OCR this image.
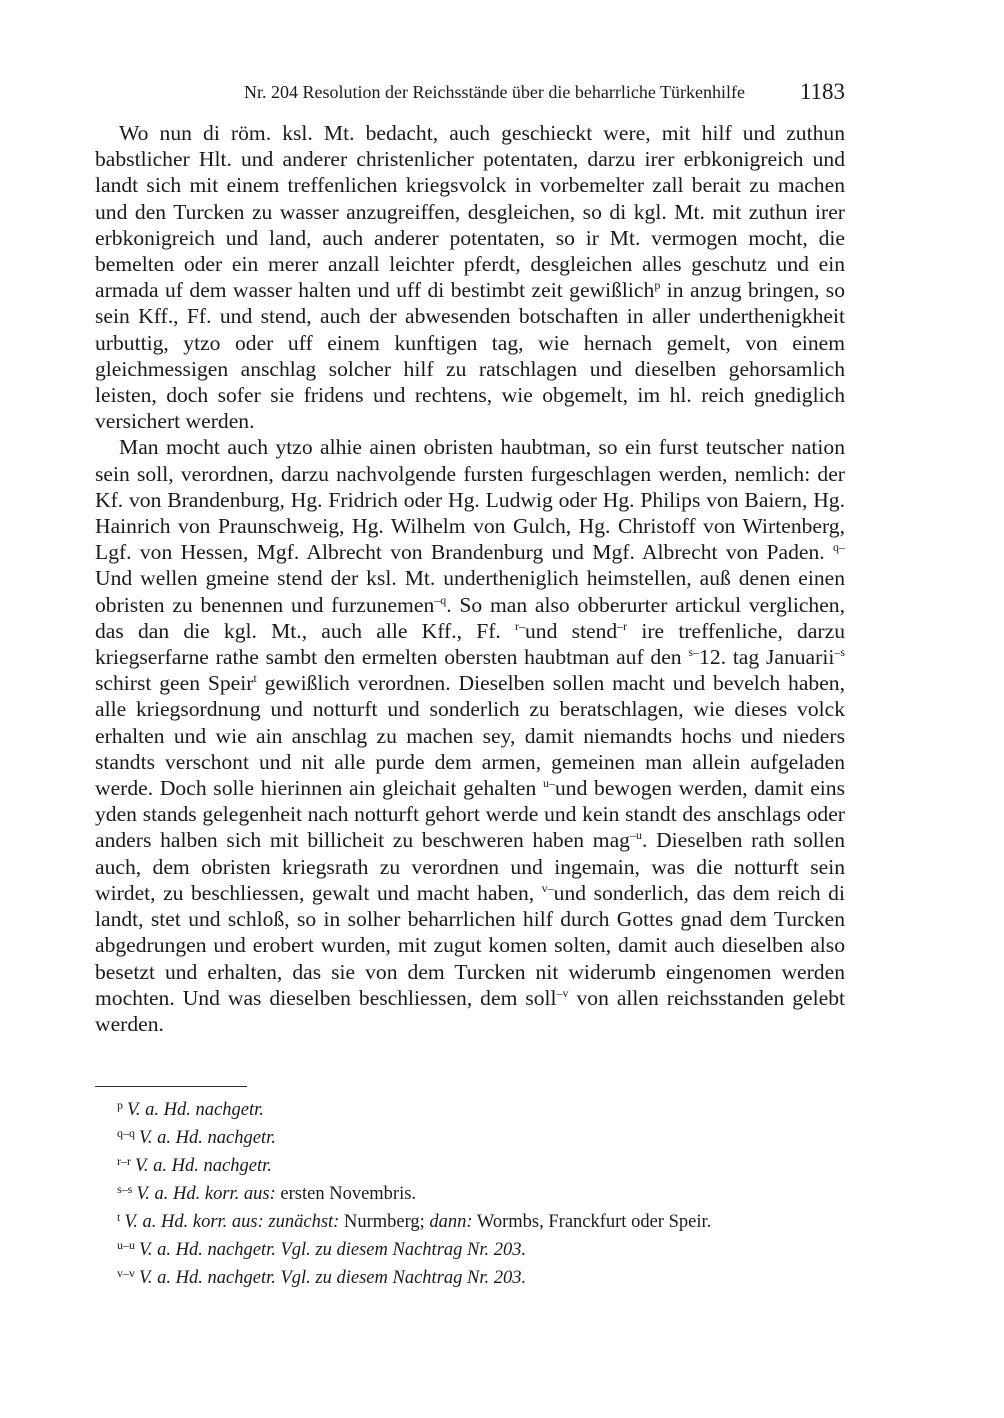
Nr. 204 Resolution der Reichsstände über die beharrliche Türkenhilfe 1183

Wo nun di röm. ksl. Mt. bedacht, auch geschieckt were, mit hilf und zuthun babstlicher Hlt. und anderer christenlicher potentaten, darzu irer erbkonigreich und landt sich mit einem treffenlichen kriegsvolck in vorbemelter zall berait zu machen und den Turcken zu wasser anzugreiffen, desgleichen, so di kgl. Mt. mit zuthun irer erbkonigreich und land, auch anderer potentaten, so ir Mt. vermogen mocht, die bemelten oder ein merer anzall leichter pferdt, desgleichen alles geschutz und ein armada uf dem wasser halten und uff di bestimbt zeit gewißlich$^p$ in anzug bringen, so sein Kff., Ff. und stend, auch der abwesenden botschaften in aller underthenigkheit urbuttig, ytzo oder uff einem kunftigen tag, wie hernach gemelt, von einem gleichmessigen anschlag solcher hilf zu ratschlagen und dieselben gehorsamlich leisten, doch sofer sie fridens und rechtens, wie obgemelt, im hl. reich gnediglich versichert werden.

Man mocht auch ytzo alhie ainen obristen haubtman, so ein furst teutscher nation sein soll, verordnen, darzu nachvolgende fursten furgeschlagen werden, nemlich: der Kf. von Brandenburg, Hg. Fridrich oder Hg. Ludwig oder Hg. Philips von Baiern, Hg. Hainrich von Praunschweig, Hg. Wilhelm von Gulch, Hg. Christoff von Wirtenberg, Lgf. von Hessen, Mgf. Albrecht von Brandenburg und Mgf. Albrecht von Paden. $^{q-}$Und wellen gmeine stend der ksl. Mt. undertheniglich heimstellen, auß denen einen obristen zu benennen und furzunemen$^{-q}$. So man also obberurter artickul verglichen, das dan die kgl. Mt., auch alle Kff., Ff. $^{r-}$und stend$^{-r}$ ire treffenliche, darzu kriegserfarne rathe sambt den ermelten obersten haubtman auf den $^{s-}$12. tag Januarii$^{-s}$ schirst geen Speir$^t$ gewißlich verordnen. Dieselben sollen macht und bevelch haben, alle kriegsordnung und notturft und sonderlich zu beratschlagen, wie dieses volck erhalten und wie ain anschlag zu machen sey, damit niemandts hochs und nieders standts verschont und nit alle purde dem armen, gemeinen man allein aufgeladen werde. Doch solle hierinnen ain gleichait gehalten $^{u-}$und bewogen werden, damit eins yden stands gelegenheit nach notturft gehort werde und kein standt des anschlags oder anders halben sich mit billicheit zu beschweren haben mag$^{-u}$. Dieselben rath sollen auch, dem obristen kriegsrath zu verordnen und ingemain, was die notturft sein wirdet, zu beschliessen, gewalt und macht haben, $^{v-}$und sonderlich, das dem reich di landt, stet und schloß, so in solher beharrlichen hilf durch Gottes gnad dem Turcken abgedrungen und erobert wurden, mit zugut komen solten, damit auch dieselben also besetzt und erhalten, das sie von dem Turcken nit widerumb eingenomen werden mochten. Und was dieselben beschliessen, dem soll$^{-v}$ von allen reichsstanden gelebt werden.

$^p$ V. a. Hd. nachgetr.
$^{q-q}$ V. a. Hd. nachgetr.
$^{r-r}$ V. a. Hd. nachgetr.
$^{s-s}$ V. a. Hd. korr. aus: ersten Novembris.
$^t$ V. a. Hd. korr. aus: zunächst: Nurmberg; dann: Wormbs, Franckfurt oder Speir.
$^{u-u}$ V. a. Hd. nachgetr. Vgl. zu diesem Nachtrag Nr. 203.
$^{v-v}$ V. a. Hd. nachgetr. Vgl. zu diesem Nachtrag Nr. 203.
